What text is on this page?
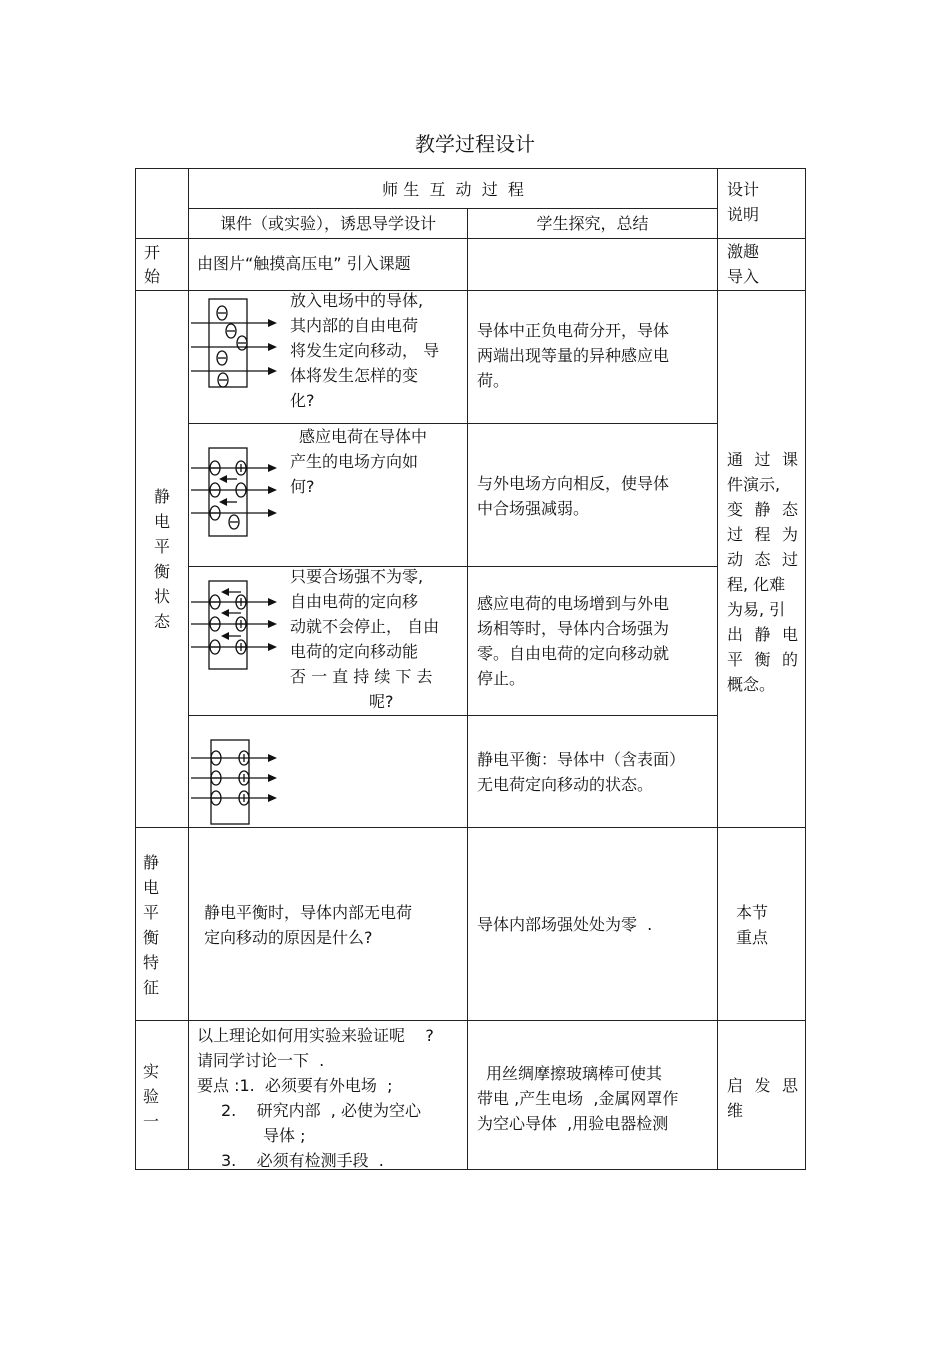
教学过程设计
师 生  互  动  过  程
课件（或实验），诱思导学设计	学生探究，总结
设计
说明
开
始
由图片“触摸高压电” 引入课题
激趣
导入
静
电
平
衡
状
态
放入电场中的导体,
其内部的自由电荷
将发生定向移动， 导
体将发生怎样的变
化?
导体中正负电荷分开，导体
两端出现等量的异种感应电
荷。
感应电荷在导体中
产生的电场方向如
何?	与外电场方向相反，使导体
中合场强减弱。
只要合场强不为零,
自由电荷的定向移
动就不会停止， 自由
电荷的定向移动能
否 一 直 持 续 下 去
呢?
感应电荷的电场增到与外电
场相等时，导体内合场强为
零。自由电荷的定向移动就
停止。
静电平衡：导体中（含表面）
无电荷定向移动的状态。
通 过 课
件演示,
变 静 态
过 程 为
动 态 过
程, 化难
为易, 引
出 静 电
平 衡 的
概念。
静
电
平
衡
特
征
静电平衡时，导体内部无电荷
定向移动的原因是什么?
导体内部场强处处为零  .
本节
重点
实
验
一
以上理论如何用实验来验证呢    ?
请同学讨论一下  .
要点 :1.  必须要有外电场  ;
2.    研究内部  , 必使为空心
导体 ;
3.    必须有检测手段  .
用丝绸摩擦玻璃棒可使其
带电 ,产生电场  ,金属网罩作
为空心导体  ,用验电器检测
启 发 思
维
